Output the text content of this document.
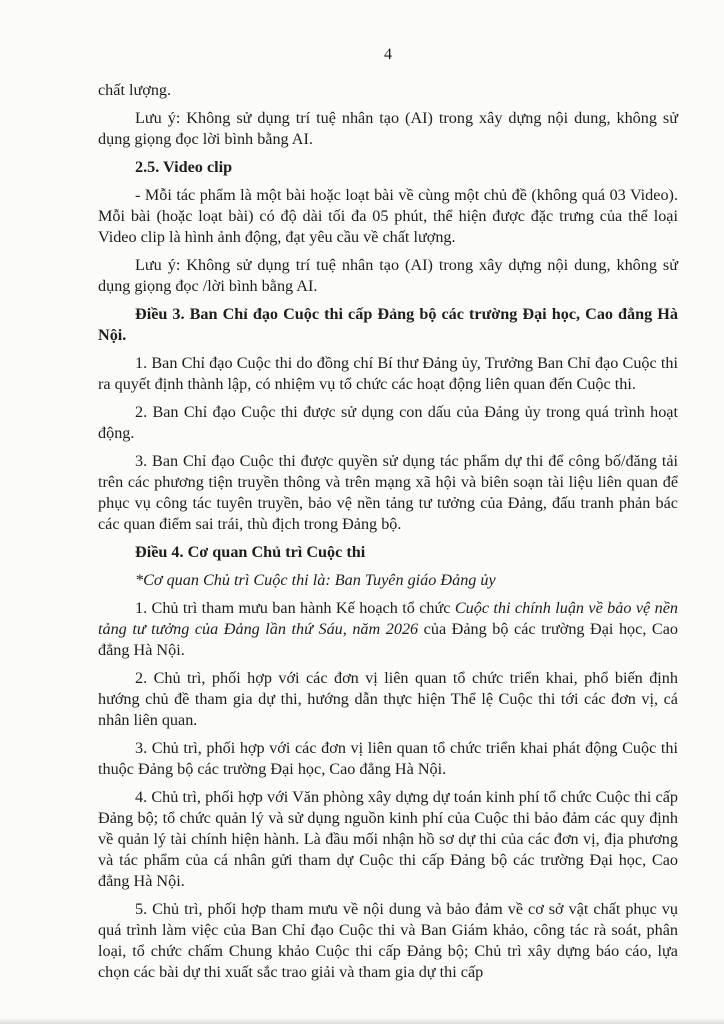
4

chất lượng.

Lưu ý: Không sử dụng trí tuệ nhân tạo (AI) trong xây dựng nội dung, không sử dụng giọng đọc lời bình bằng AI.

2.5. Video clip

- Mỗi tác phẩm là một bài hoặc loạt bài về cùng một chủ đề (không quá 03 Video). Mỗi bài (hoặc loạt bài) có độ dài tối đa 05 phút, thể hiện được đặc trưng của thể loại Video clip là hình ảnh động, đạt yêu cầu về chất lượng.

Lưu ý: Không sử dụng trí tuệ nhân tạo (AI) trong xây dựng nội dung, không sử dụng giọng đọc /lời bình bằng AI.

Điều 3. Ban Chỉ đạo Cuộc thi cấp Đảng bộ các trường Đại học, Cao đẳng Hà Nội.

1. Ban Chỉ đạo Cuộc thi do đồng chí Bí thư Đảng ủy, Trưởng Ban Chỉ đạo Cuộc thi ra quyết định thành lập, có nhiệm vụ tổ chức các hoạt động liên quan đến Cuộc thi.

2. Ban Chỉ đạo Cuộc thi được sử dụng con dấu của Đảng ủy trong quá trình hoạt động.

3. Ban Chỉ đạo Cuộc thi được quyền sử dụng tác phẩm dự thi để công bố/đăng tải trên các phương tiện truyền thông và trên mạng xã hội và biên soạn tài liệu liên quan để phục vụ công tác tuyên truyền, bảo vệ nền tảng tư tưởng của Đảng, đấu tranh phản bác các quan điểm sai trái, thù địch trong Đảng bộ.

Điều 4. Cơ quan Chủ trì Cuộc thi

*Cơ quan Chủ trì Cuộc thi là: Ban Tuyên giáo Đảng ủy

1. Chủ trì tham mưu ban hành Kế hoạch tổ chức Cuộc thi chính luận về bảo vệ nền tảng tư tưởng của Đảng lần thứ Sáu, năm 2026 của Đảng bộ các trường Đại học, Cao đẳng Hà Nội.

2. Chủ trì, phối hợp với các đơn vị liên quan tổ chức triển khai, phổ biến định hướng chủ đề tham gia dự thi, hướng dẫn thực hiện Thể lệ Cuộc thi tới các đơn vị, cá nhân liên quan.

3. Chủ trì, phối hợp với các đơn vị liên quan tổ chức triển khai phát động Cuộc thi thuộc Đảng bộ các trường Đại học, Cao đẳng Hà Nội.

4. Chủ trì, phối hợp với Văn phòng xây dựng dự toán kinh phí tổ chức Cuộc thi cấp Đảng bộ; tổ chức quản lý và sử dụng nguồn kinh phí của Cuộc thi bảo đảm các quy định về quản lý tài chính hiện hành. Là đầu mối nhận hồ sơ dự thi của các đơn vị, địa phương và tác phẩm của cá nhân gửi tham dự Cuộc thi cấp Đảng bộ các trường Đại học, Cao đẳng Hà Nội.

5. Chủ trì, phối hợp tham mưu về nội dung và bảo đảm về cơ sở vật chất phục vụ quá trình làm việc của Ban Chỉ đạo Cuộc thi và Ban Giám khảo, công tác rà soát, phân loại, tổ chức chấm Chung khảo Cuộc thi cấp Đảng bộ; Chủ trì xây dựng báo cáo, lựa chọn các bài dự thi xuất sắc trao giải và tham gia dự thi cấp
